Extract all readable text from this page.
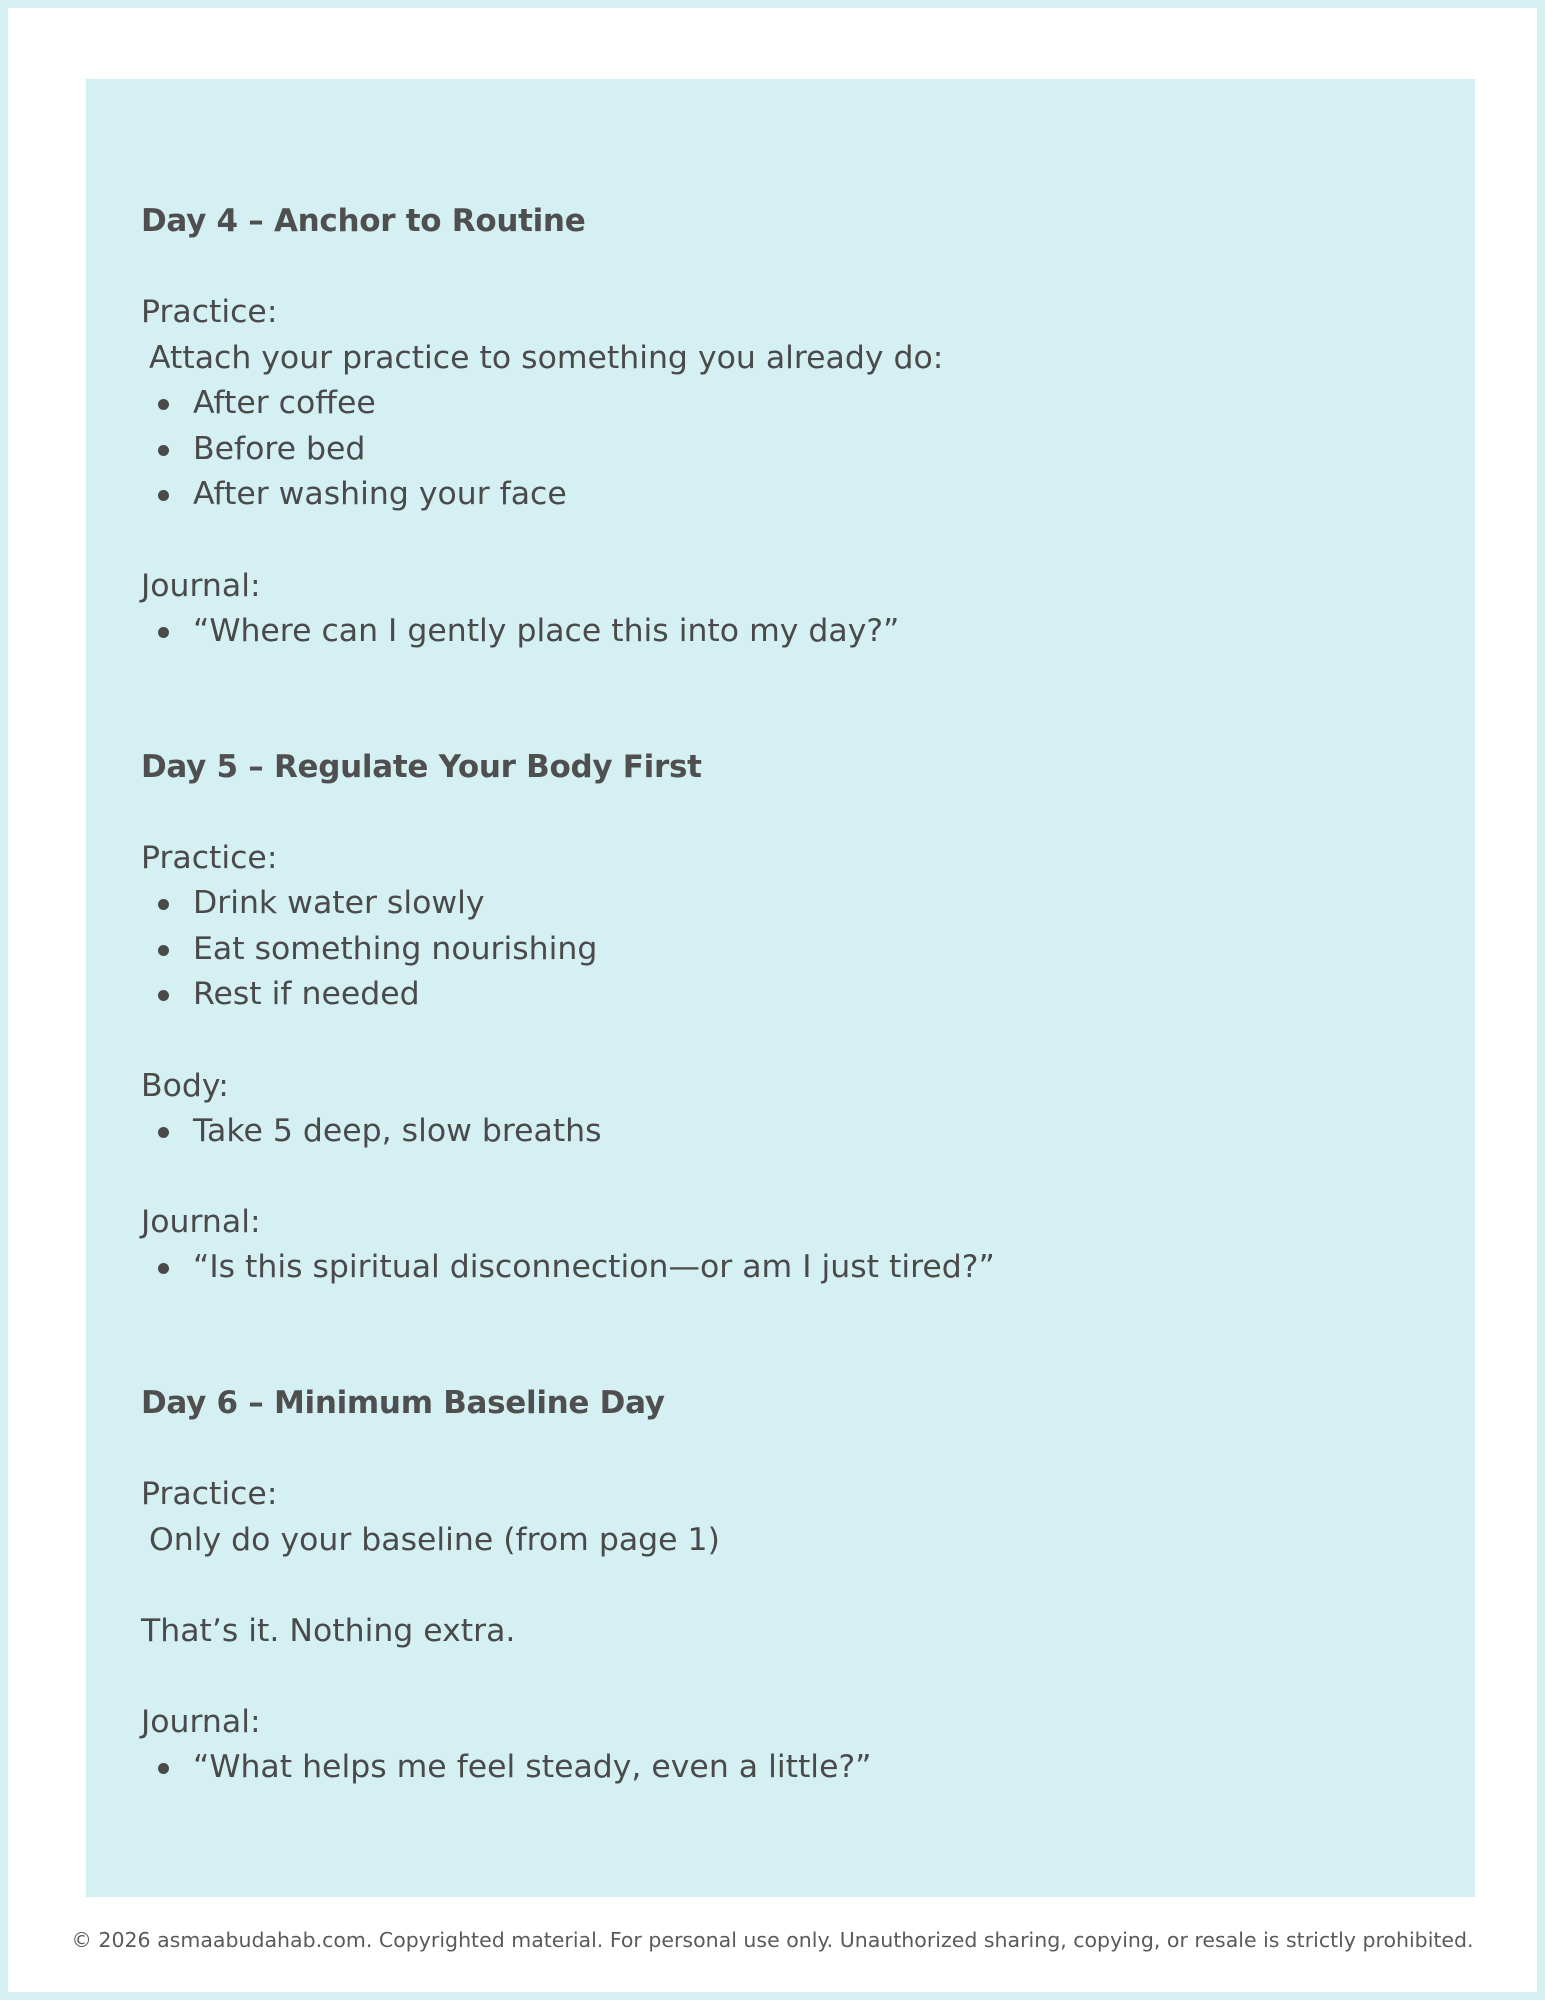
Day 4 – Anchor to Routine
Practice:
Attach your practice to something you already do:
After coffee
Before bed
After washing your face
Journal:
“Where can I gently place this into my day?”
Day 5 – Regulate Your Body First
Practice:
Drink water slowly
Eat something nourishing
Rest if needed
Body:
Take 5 deep, slow breaths
Journal:
“Is this spiritual disconnection—or am I just tired?”
Day 6 – Minimum Baseline Day
Practice:
Only do your baseline (from page 1)
That’s it. Nothing extra.
Journal:
“What helps me feel steady, even a little?”
© 2026 asmaabudahab.com. Copyrighted material. For personal use only. Unauthorized sharing, copying, or resale is strictly prohibited.
